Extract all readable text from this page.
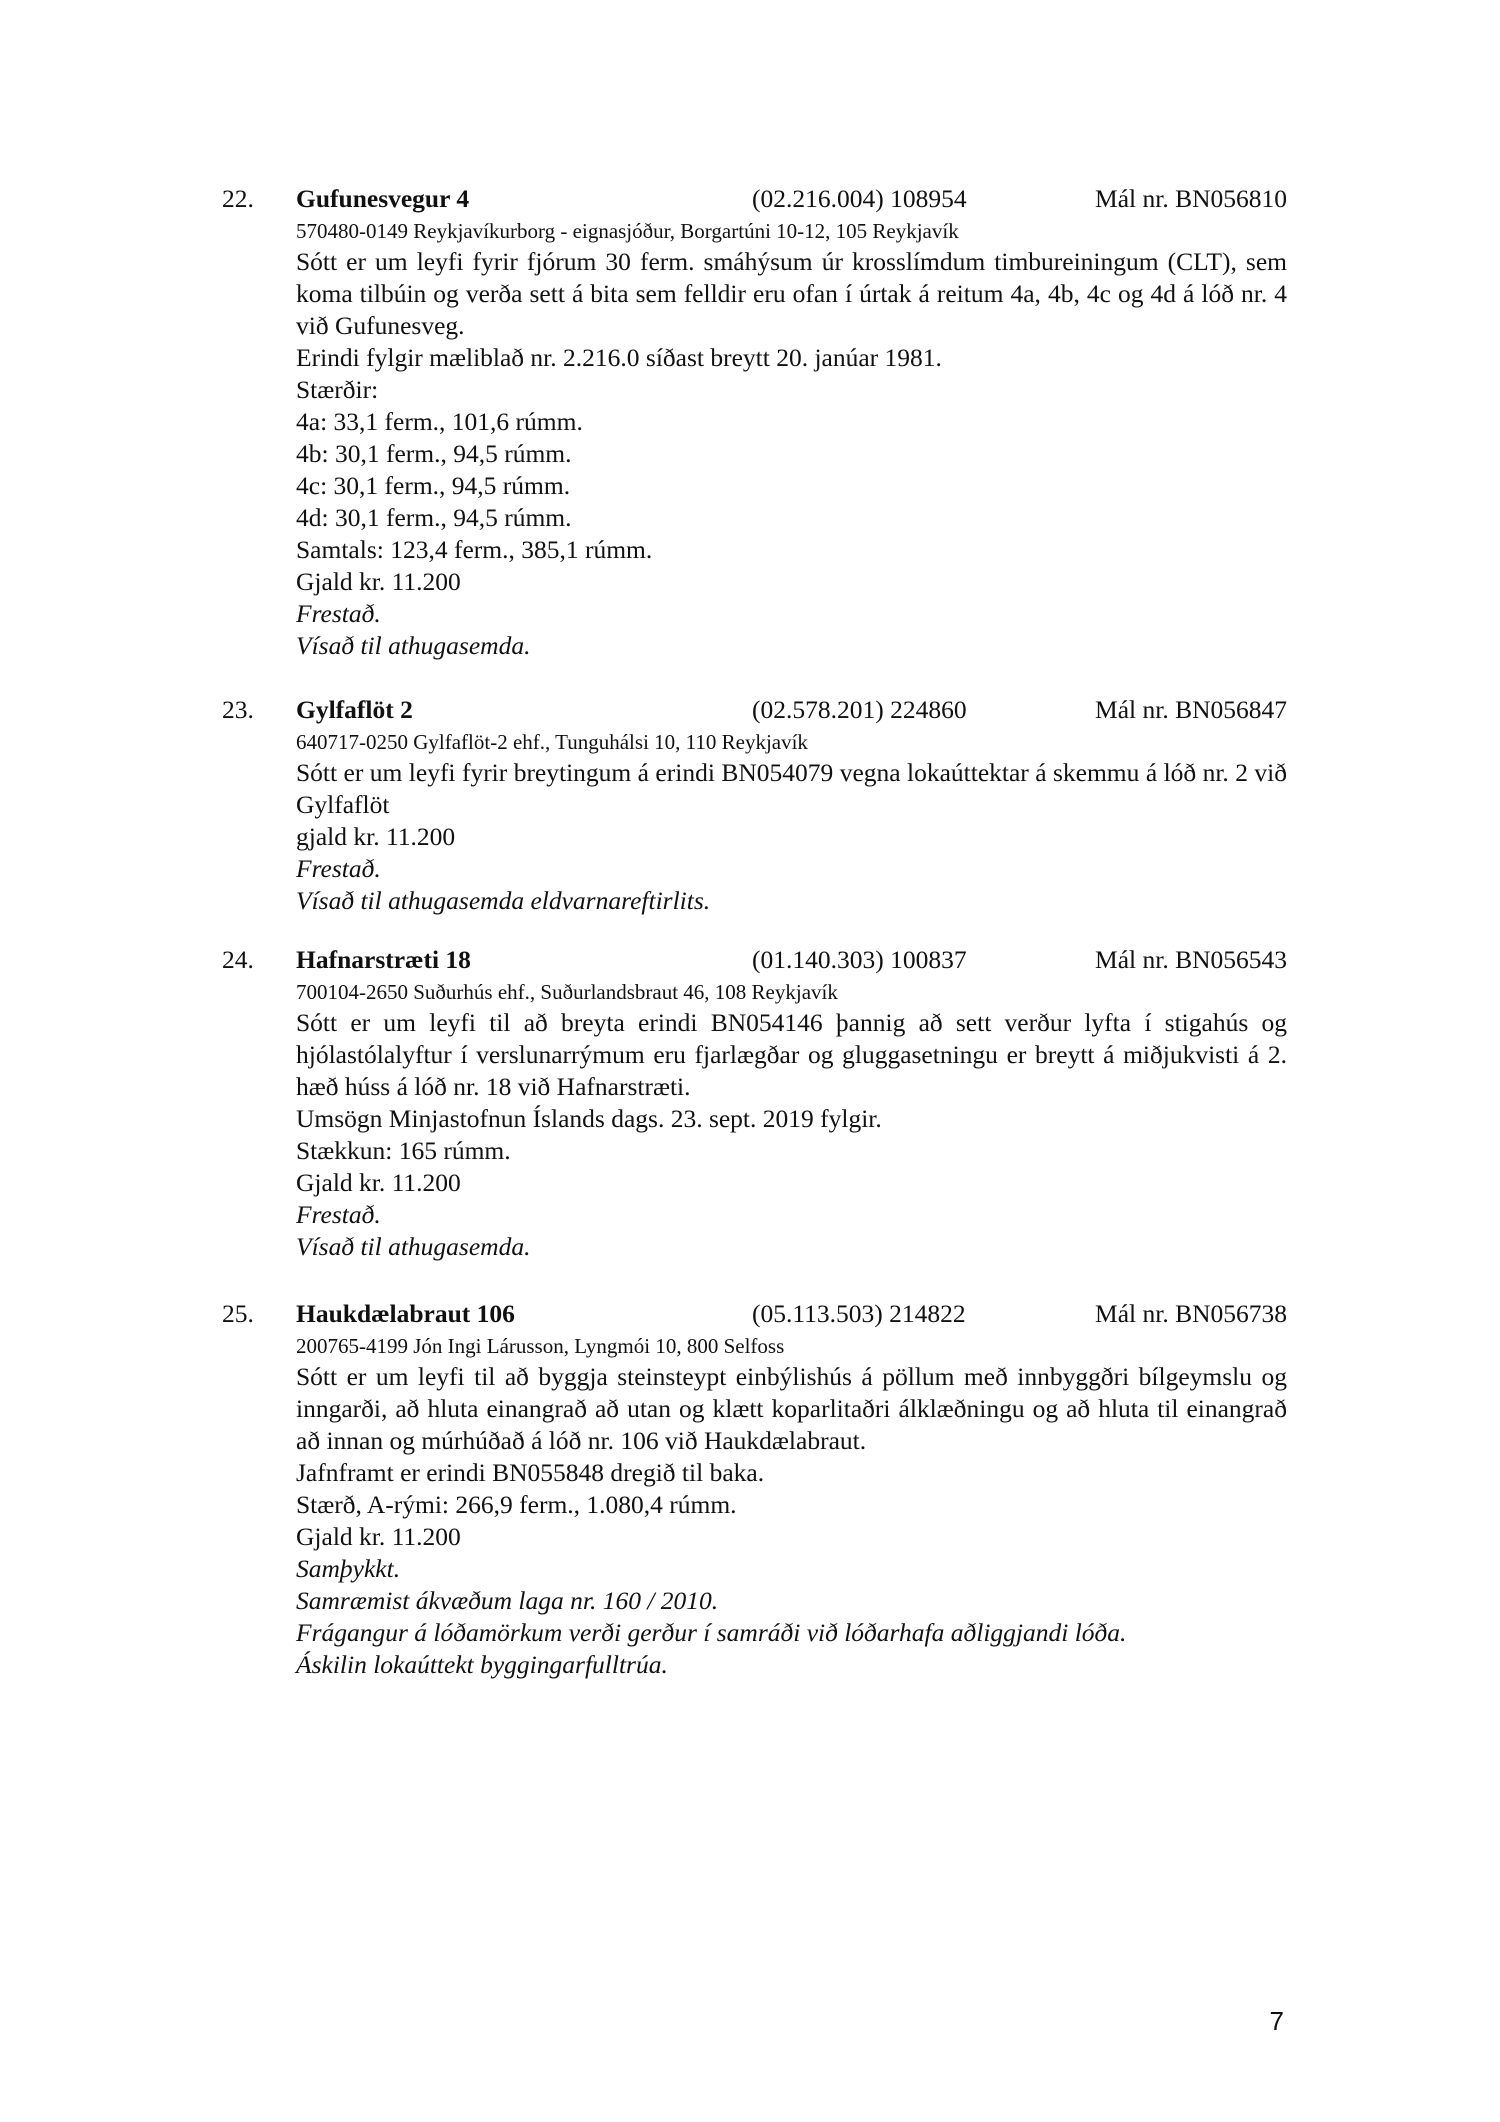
22. Gufunesvegur 4	(02.216.004) 108954	Mál nr. BN056810
570480-0149 Reykjavíkurborg - eignasjóður, Borgartúni 10-12, 105 Reykjavík

Sótt er um leyfi fyrir fjórum 30 ferm. smáhýsum úr krosslímdum timbureiningum (CLT), sem koma tilbúin og verða sett á bita sem felldir eru ofan í úrtak á reitum 4a, 4b, 4c og 4d á lóð nr. 4 við Gufunesveg.

Erindi fylgir mæliblað nr. 2.216.0 síðast breytt 20. janúar 1981.
Stærðir:
4a: 33,1 ferm., 101,6 rúmm.
4b: 30,1 ferm., 94,5 rúmm.
4c: 30,1 ferm., 94,5 rúmm.
4d: 30,1 ferm., 94,5 rúmm.
Samtals: 123,4 ferm., 385,1 rúmm.
Gjald kr. 11.200
Frestað.
Vísað til athugasemda.
23. Gylfaflöt 2	(02.578.201) 224860	Mál nr. BN056847
640717-0250 Gylfaflöt-2 ehf., Tunguhálsi 10, 110 Reykjavík

Sótt er um leyfi fyrir breytingum á erindi BN054079 vegna lokaúttektar á skemmu á lóð nr. 2 við Gylfaflöt

gjald kr. 11.200
Frestað.
Vísað til athugasemda eldvarnareftirlits.
24. Hafnarstræti 18	(01.140.303) 100837	Mál nr. BN056543
700104-2650 Suðurhús ehf., Suðurlandsbraut 46, 108 Reykjavík

Sótt er um leyfi til að breyta erindi BN054146 þannig að sett verður lyfta í stigahús og hjólastólalyftur í verslunarrýmum eru fjarlægðar og gluggasetningu er breytt á miðjukvisti á 2. hæð húss á lóð nr. 18 við Hafnarstræti.

Umsögn Minjastofnun Íslands dags. 23. sept. 2019 fylgir.
Stækkun: 165 rúmm.
Gjald kr. 11.200
Frestað.
Vísað til athugasemda.
25. Haukdælabraut 106	(05.113.503) 214822	Mál nr. BN056738
200765-4199 Jón Ingi Lárusson, Lyngmói 10, 800 Selfoss

Sótt er um leyfi til að byggja steinsteypt einbýlishús á pöllum með innbyggðri bílgeymslu og inngarði, að hluta einangrað að utan og klætt koparlitaðri álklæðningu og að hluta til einangrað að innan og múrhúðað á lóð nr. 106 við Haukdælabraut.

Jafnframt er erindi BN055848 dregið til baka.
Stærð, A-rými: 266,9 ferm., 1.080,4 rúmm.
Gjald kr. 11.200
Samþykkt.
Samræmist ákvæðum laga nr. 160 / 2010.
Frágangur á lóðamörkum verði gerður í samráði við lóðarhafa aðliggjandi lóða.
Áskilin lokaúttekt byggingarfulltrúa.
7
